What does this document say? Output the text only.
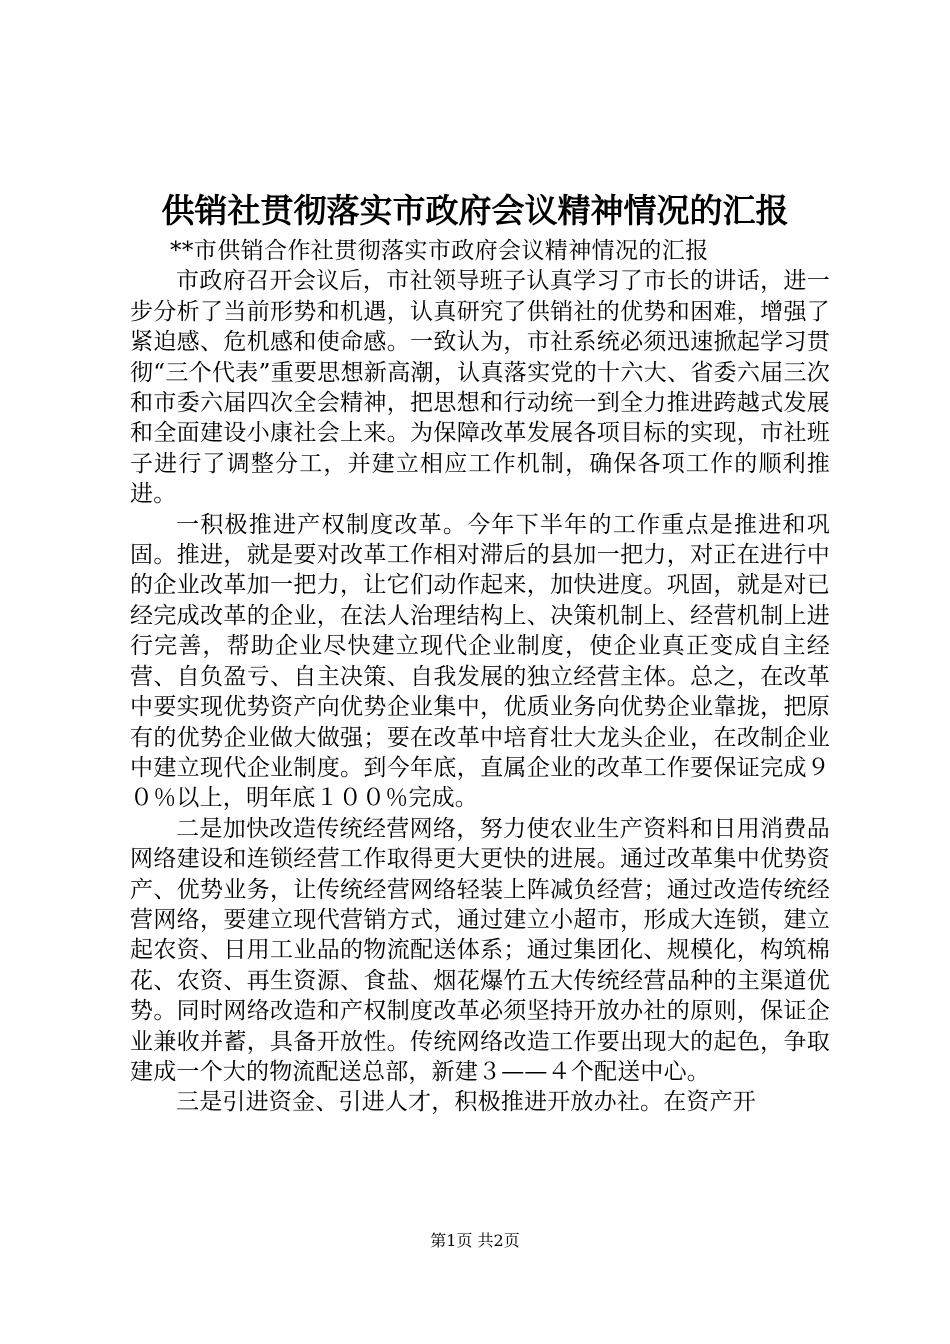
供销社贯彻落实市政府会议精神情况的汇报

**市供销合作社贯彻落实市政府会议精神情况的汇报

市政府召开会议后，市社领导班子认真学习了市长的讲话，进一步分析了当前形势和机遇，认真研究了供销社的优势和困难，增强了紧迫感、危机感和使命感。一致认为，市社系统必须迅速掀起学习贯彻“三个代表”重要思想新高潮，认真落实党的十六大、省委六届三次和市委六届四次全会精神，把思想和行动统一到全力推进跨越式发展和全面建设小康社会上来。为保障改革发展各项目标的实现，市社班子进行了调整分工，并建立相应工作机制，确保各项工作的顺利推进。

一积极推进产权制度改革。今年下半年的工作重点是推进和巩固。推进，就是要对改革工作相对滞后的县加一把力，对正在进行中的企业改革加一把力，让它们动作起来，加快进度。巩固，就是对已经完成改革的企业，在法人治理结构上、决策机制上、经营机制上进行完善，帮助企业尽快建立现代企业制度，使企业真正变成自主经营、自负盈亏、自主决策、自我发展的独立经营主体。总之，在改革中要实现优势资产向优势企业集中，优质业务向优势企业靠拢，把原有的优势企业做大做强；要在改革中培育壮大龙头企业，在改制企业中建立现代企业制度。到今年底，直属企业的改革工作要保证完成９０％以上，明年底１００％完成。

二是加快改造传统经营网络，努力使农业生产资料和日用消费品网络建设和连锁经营工作取得更大更快的进展。通过改革集中优势资产、优势业务，让传统经营网络轻装上阵减负经营；通过改造传统经营网络，要建立现代营销方式，通过建立小超市，形成大连锁，建立起农资、日用工业品的物流配送体系；通过集团化、规模化，构筑棉花、农资、再生资源、食盐、烟花爆竹五大传统经营品种的主渠道优势。同时网络改造和产权制度改革必须坚持开放办社的原则，保证企业兼收并蓄，具备开放性。传统网络改造工作要出现大的起色，争取建成一个大的物流配送总部，新建３——４个配送中心。

三是引进资金、引进人才，积极推进开放办社。在资产开

第1页 共2页
